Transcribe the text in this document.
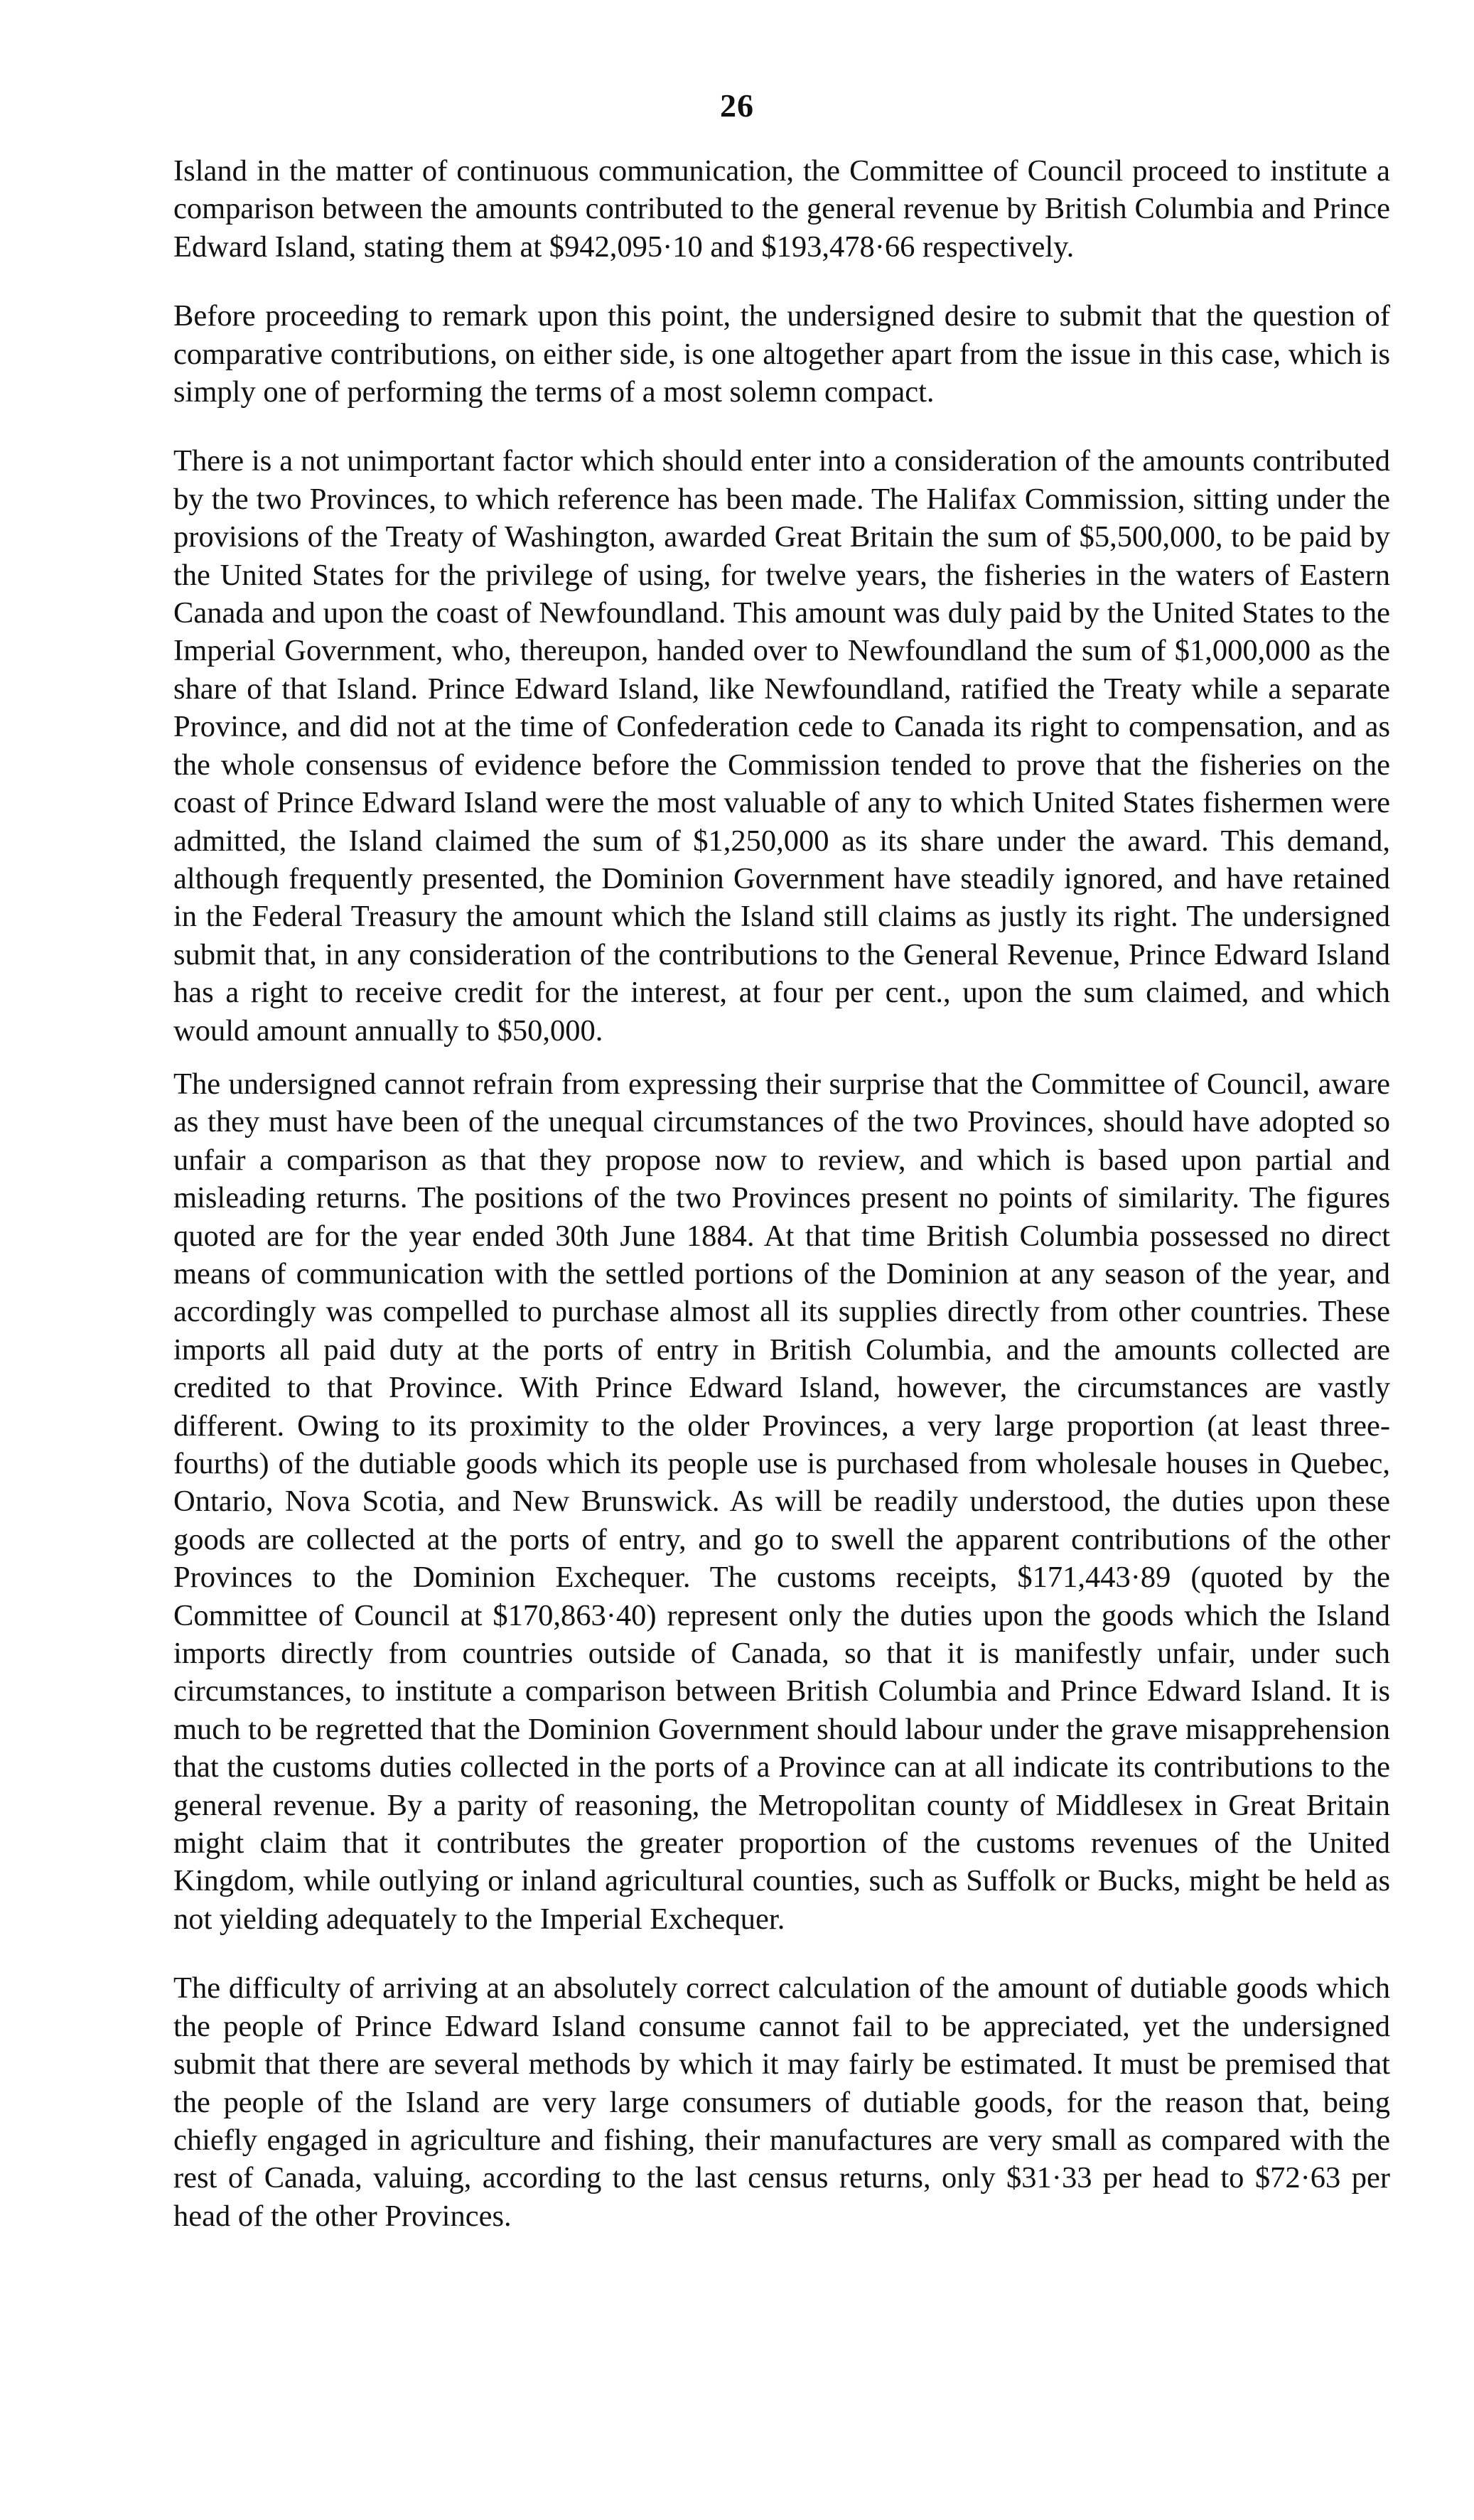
26

Island in the matter of continuous communication, the Committee of Council proceed to institute a comparison between the amounts contributed to the general revenue by British Columbia and Prince Edward Island, stating them at $942,095·10 and $193,478·66 respectively.

Before proceeding to remark upon this point, the undersigned desire to submit that the question of comparative contributions, on either side, is one altogether apart from the issue in this case, which is simply one of performing the terms of a most solemn compact.

There is a not unimportant factor which should enter into a consideration of the amounts contributed by the two Provinces, to which reference has been made. The Halifax Commission, sitting under the provisions of the Treaty of Washington, awarded Great Britain the sum of $5,500,000, to be paid by the United States for the privilege of using, for twelve years, the fisheries in the waters of Eastern Canada and upon the coast of Newfoundland. This amount was duly paid by the United States to the Imperial Government, who, thereupon, handed over to Newfoundland the sum of $1,000,000 as the share of that Island. Prince Edward Island, like Newfoundland, ratified the Treaty while a separate Province, and did not at the time of Confederation cede to Canada its right to compensation, and as the whole consensus of evidence before the Commission tended to prove that the fisheries on the coast of Prince Edward Island were the most valuable of any to which United States fishermen were admitted, the Island claimed the sum of $1,250,000 as its share under the award. This demand, although frequently presented, the Dominion Government have steadily ignored, and have retained in the Federal Treasury the amount which the Island still claims as justly its right. The undersigned submit that, in any consideration of the contributions to the General Revenue, Prince Edward Island has a right to receive credit for the interest, at four per cent., upon the sum claimed, and which would amount annually to $50,000.

The undersigned cannot refrain from expressing their surprise that the Committee of Council, aware as they must have been of the unequal circumstances of the two Provinces, should have adopted so unfair a comparison as that they propose now to review, and which is based upon partial and misleading returns. The positions of the two Provinces present no points of similarity. The figures quoted are for the year ended 30th June 1884. At that time British Columbia possessed no direct means of communication with the settled portions of the Dominion at any season of the year, and accordingly was compelled to purchase almost all its supplies directly from other countries. These imports all paid duty at the ports of entry in British Columbia, and the amounts collected are credited to that Province. With Prince Edward Island, however, the circumstances are vastly different. Owing to its proximity to the older Provinces, a very large proportion (at least three-fourths) of the dutiable goods which its people use is purchased from wholesale houses in Quebec, Ontario, Nova Scotia, and New Brunswick. As will be readily understood, the duties upon these goods are collected at the ports of entry, and go to swell the apparent contributions of the other Provinces to the Dominion Exchequer. The customs receipts, $171,443·89 (quoted by the Committee of Council at $170,863·40) represent only the duties upon the goods which the Island imports directly from countries outside of Canada, so that it is manifestly unfair, under such circumstances, to institute a comparison between British Columbia and Prince Edward Island. It is much to be regretted that the Dominion Government should labour under the grave misapprehension that the customs duties collected in the ports of a Province can at all indicate its contributions to the general revenue. By a parity of reasoning, the Metropolitan county of Middlesex in Great Britain might claim that it contributes the greater proportion of the customs revenues of the United Kingdom, while outlying or inland agricultural counties, such as Suffolk or Bucks, might be held as not yielding adequately to the Imperial Exchequer.

The difficulty of arriving at an absolutely correct calculation of the amount of dutiable goods which the people of Prince Edward Island consume cannot fail to be appreciated, yet the undersigned submit that there are several methods by which it may fairly be estimated. It must be premised that the people of the Island are very large consumers of dutiable goods, for the reason that, being chiefly engaged in agriculture and fishing, their manufactures are very small as compared with the rest of Canada, valuing, according to the last census returns, only $31·33 per head to $72·63 per head of the other Provinces.
